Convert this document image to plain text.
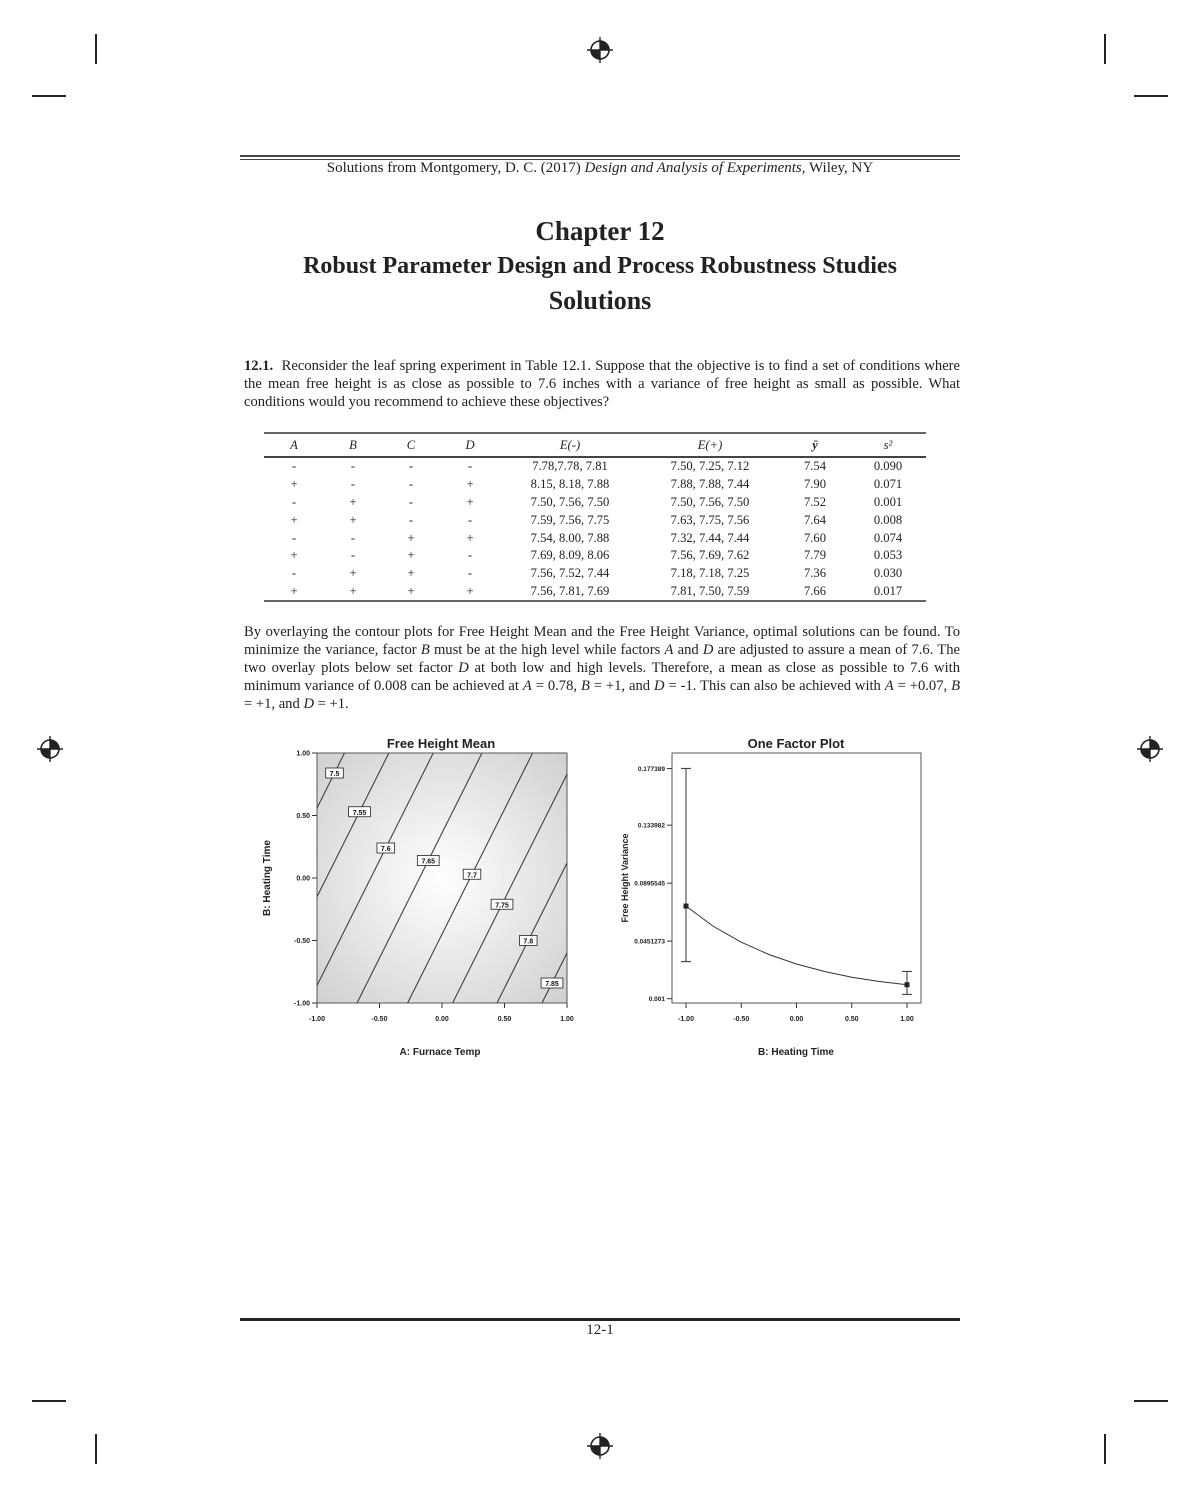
Solutions from Montgomery, D. C. (2017) Design and Analysis of Experiments, Wiley, NY
Chapter 12
Robust Parameter Design and Process Robustness Studies
Solutions

12.1. Reconsider the leaf spring experiment in Table 12.1. Suppose that the objective is to find a set of conditions where the mean free height is as close as possible to 7.6 inches with a variance of free height as small as possible. What conditions would you recommend to achieve these objectives?

A	B	C	D	E(-)	E(+)	ȳ	s²
-	-	-	-	7.78,7.78, 7.81	7.50, 7.25, 7.12	7.54	0.090
+	-	-	+	8.15, 8.18, 7.88	7.88, 7.88, 7.44	7.90	0.071
-	+	-	+	7.50, 7.56, 7.50	7.50, 7.56, 7.50	7.52	0.001
+	+	-	-	7.59, 7.56, 7.75	7.63, 7.75, 7.56	7.64	0.008
-	-	+	+	7.54, 8.00, 7.88	7.32, 7.44, 7.44	7.60	0.074
+	-	+	-	7.69, 8.09, 8.06	7.56, 7.69, 7.62	7.79	0.053
-	+	+	-	7.56, 7.52, 7.44	7.18, 7.18, 7.25	7.36	0.030
+	+	+	+	7.56, 7.81, 7.69	7.81, 7.50, 7.59	7.66	0.017

By overlaying the contour plots for Free Height Mean and the Free Height Variance, optimal solutions can be found. To minimize the variance, factor B must be at the high level while factors A and D are adjusted to assure a mean of 7.6. The two overlay plots below set factor D at both low and high levels. Therefore, a mean as close as possible to 7.6 with minimum variance of 0.008 can be achieved at A = 0.78, B = +1, and D = -1. This can also be achieved with A = +0.07, B = +1, and D = +1.

Free Height Mean
7.5
7.55
7.6
7.65
7.7
7.75
7.8
7.85
-1.00	-0.50	0.00	0.50	1.00
-1.00
-0.50
0.00
0.50
1.00
A: Furnace Temp
B: Heating Time
One Factor Plot
0.001
0.0451273
0.0895545
0.133982
0.177389
-1.00	-0.50	0.00	0.50	1.00
B: Heating Time
Free Height Variance
12-1
